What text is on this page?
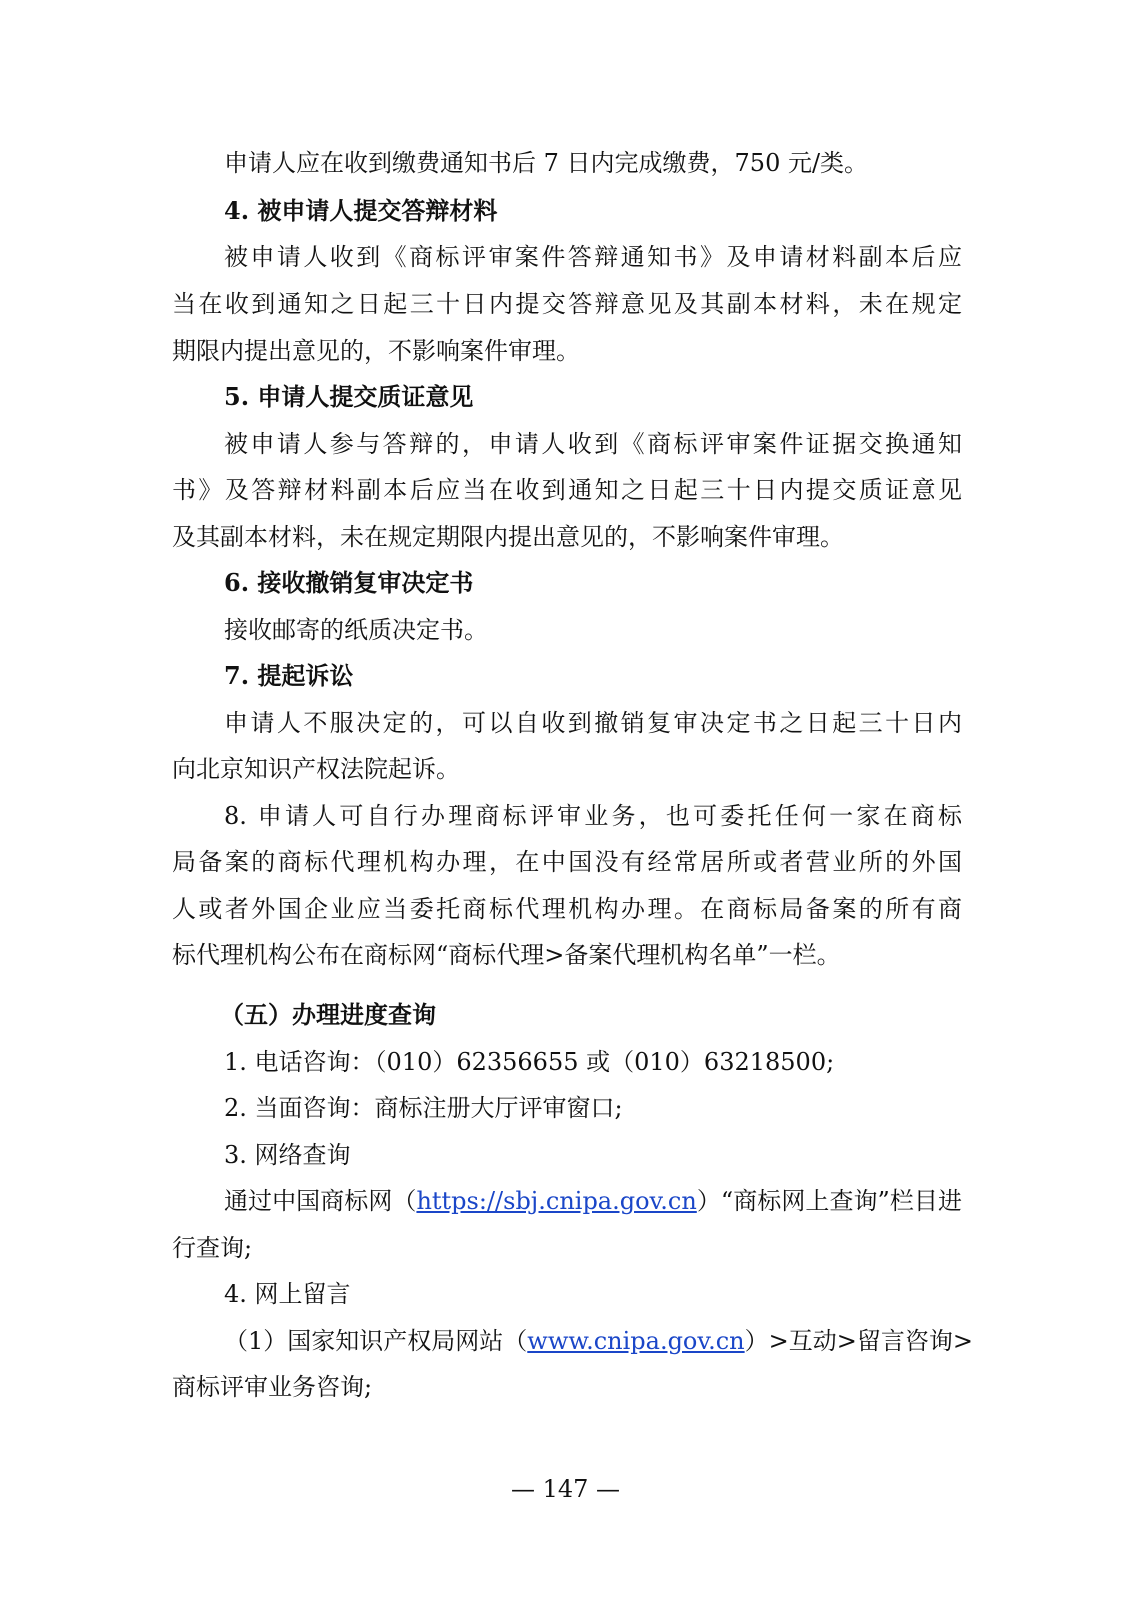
申请人应在收到缴费通知书后 7 日内完成缴费，750 元/类。
4. 被申请人提交答辩材料
被申请人收到《商标评审案件答辩通知书》及申请材料副本后应
当在收到通知之日起三十日内提交答辩意见及其副本材料，未在规定
期限内提出意见的，不影响案件审理。
5. 申请人提交质证意见
被申请人参与答辩的，申请人收到《商标评审案件证据交换通知
书》及答辩材料副本后应当在收到通知之日起三十日内提交质证意见
及其副本材料，未在规定期限内提出意见的，不影响案件审理。
6. 接收撤销复审决定书
接收邮寄的纸质决定书。
7. 提起诉讼
申请人不服决定的，可以自收到撤销复审决定书之日起三十日内
向北京知识产权法院起诉。
8. 申请人可自行办理商标评审业务，也可委托任何一家在商标
局备案的商标代理机构办理，在中国没有经常居所或者营业所的外国
人或者外国企业应当委托商标代理机构办理。在商标局备案的所有商
标代理机构公布在商标网“商标代理>备案代理机构名单”一栏。
（五）办理进度查询
1. 电话咨询：（010）62356655 或（010）63218500;
2. 当面咨询：商标注册大厅评审窗口;
3. 网络查询
通过中国商标网（https://sbj.cnipa.gov.cn）“商标网上查询”栏目进
行查询;
4. 网上留言
（1）国家知识产权局网站（www.cnipa.gov.cn）>互动>留言咨询>
商标评审业务咨询;
— 147 —
